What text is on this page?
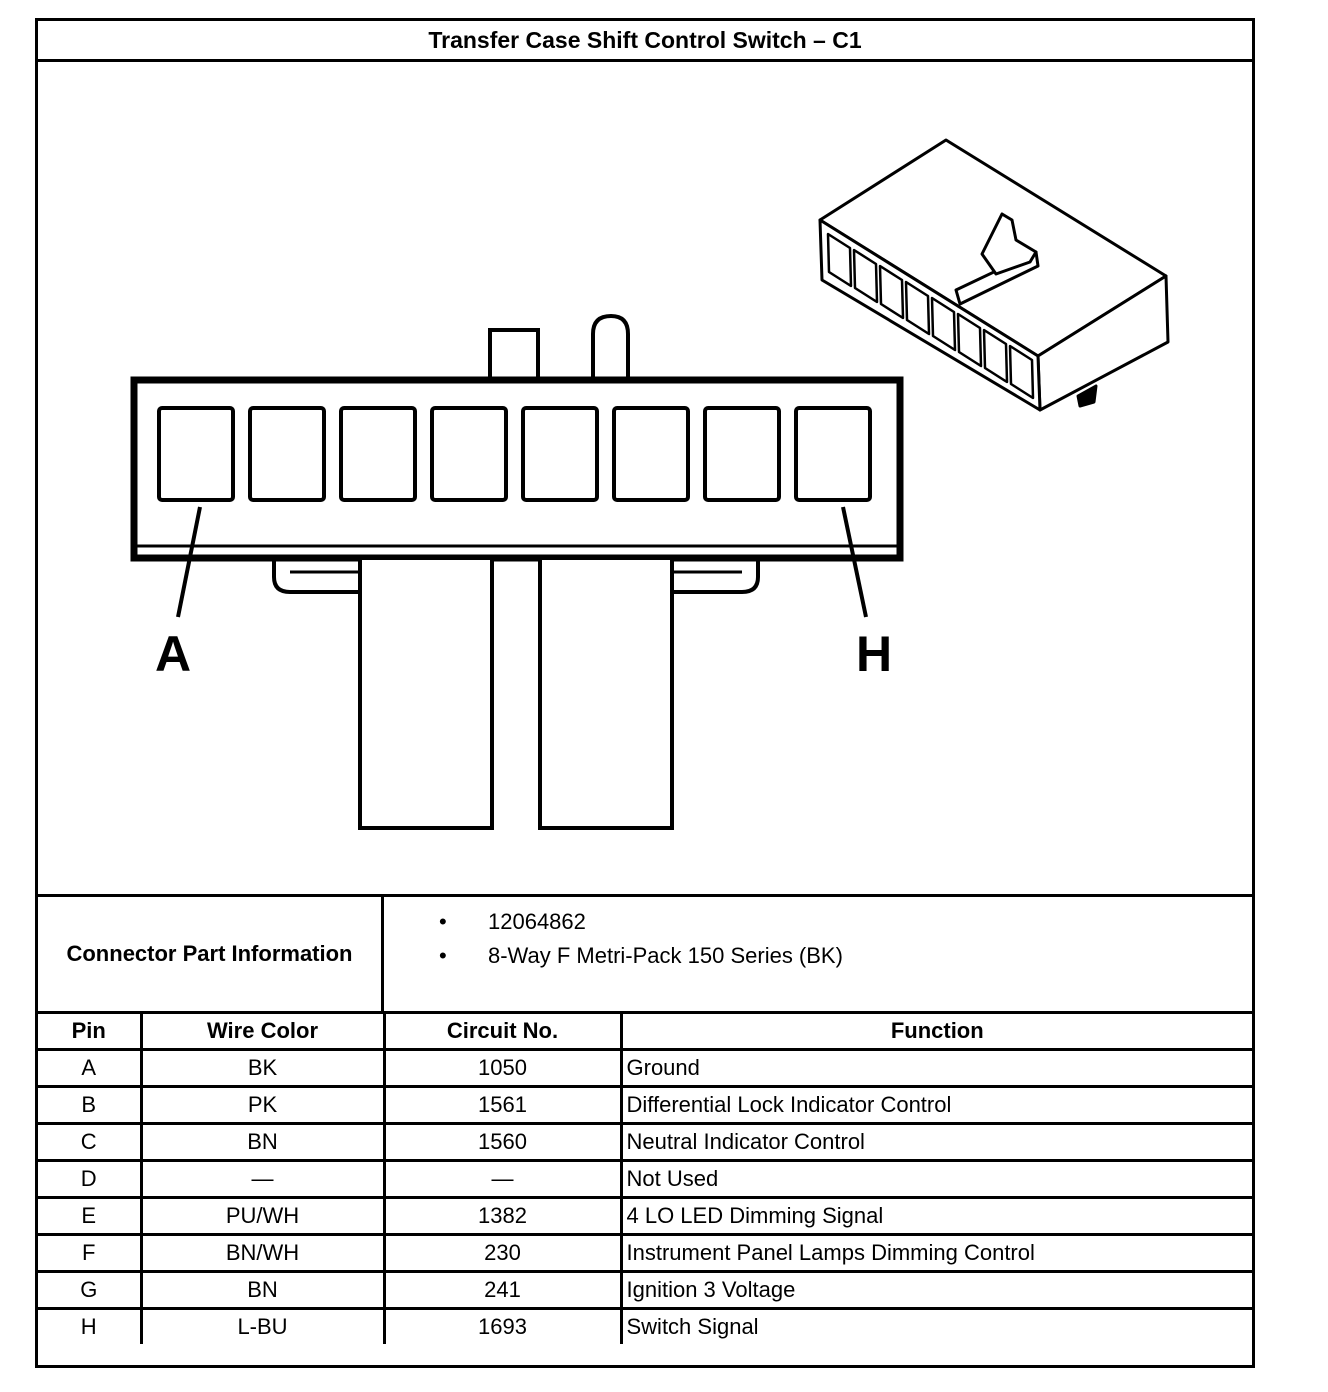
Transfer Case Shift Control Switch – C1
A	H
Connector Part Information
• 12064862
• 8-Way F Metri-Pack 150 Series (BK)
Pin	Wire Color	Circuit No.	Function
A	BK	1050	Ground
B	PK	1561	Differential Lock Indicator Control
C	BN	1560	Neutral Indicator Control
D	—	—	Not Used
E	PU/WH	1382	4 LO LED Dimming Signal
F	BN/WH	230	Instrument Panel Lamps Dimming Control
G	BN	241	Ignition 3 Voltage
H	L-BU	1693	Switch Signal
